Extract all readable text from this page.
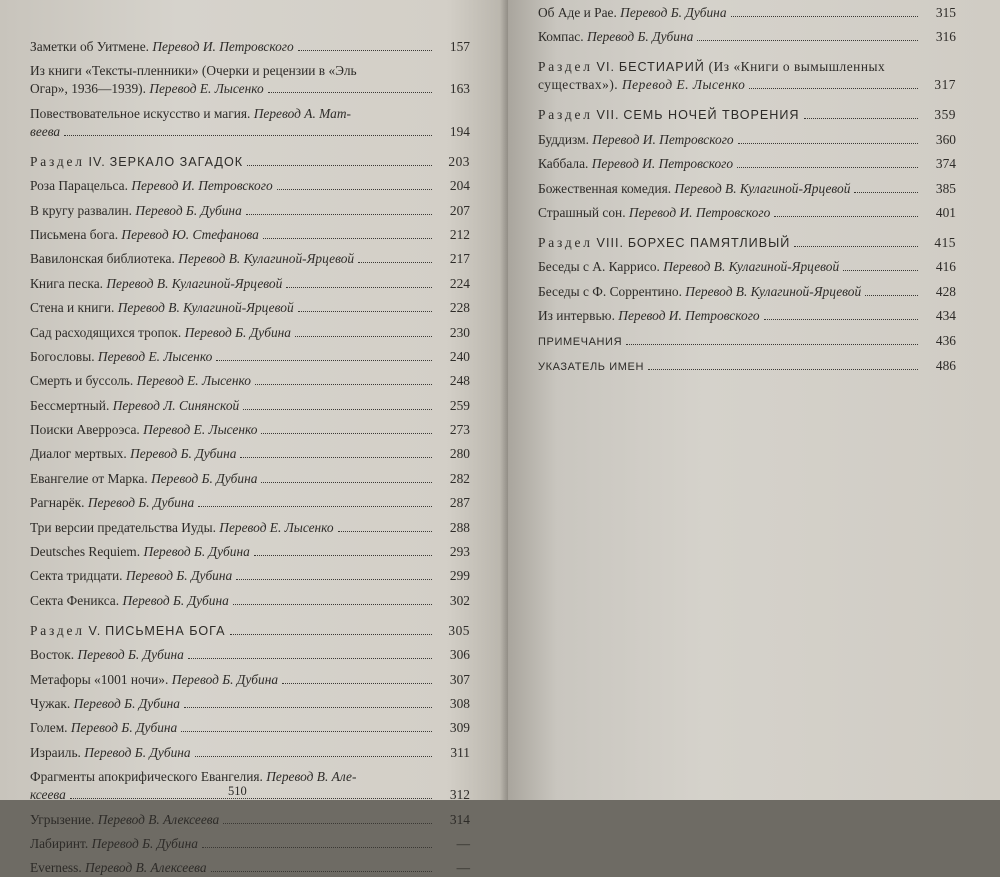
Заметки об Уитмене. Перевод И. Петровского	157
Из книги «Тексты-пленники» (Очерки и рецензии в «Эль
Огар», 1936—1939). Перевод Е. Лысенко	163
Повествовательное искусство и магия. Перевод А. Мат-
веева	194
Раздел IV. ЗЕРКАЛО ЗАГАДОК	203
Роза Парацельса. Перевод И. Петровского	204
В кругу развалин. Перевод Б. Дубина	207
Письмена бога. Перевод Ю. Стефанова	212
Вавилонская библиотека. Перевод В. Кулагиной-Ярцевой	217
Книга песка. Перевод В. Кулагиной-Ярцевой	224
Стена и книги. Перевод В. Кулагиной-Ярцевой	228
Сад расходящихся тропок. Перевод Б. Дубина	230
Богословы. Перевод Е. Лысенко	240
Смерть и буссоль. Перевод Е. Лысенко	248
Бессмертный. Перевод Л. Синянской	259
Поиски Аверроэса. Перевод Е. Лысенко	273
Диалог мертвых. Перевод Б. Дубина	280
Евангелие от Марка. Перевод Б. Дубина	282
Рагнарёк. Перевод Б. Дубина	287
Три версии предательства Иуды. Перевод Е. Лысенко	288
Deutsches Requiem. Перевод Б. Дубина	293
Секта тридцати. Перевод Б. Дубина	299
Секта Феникса. Перевод Б. Дубина	302
Раздел V. ПИСЬМЕНА БОГА	305
Восток. Перевод Б. Дубина	306
Метафоры «1001 ночи». Перевод Б. Дубина	307
Чужак. Перевод Б. Дубина	308
Голем. Перевод Б. Дубина	309
Израиль. Перевод Б. Дубина	311
Фрагменты апокрифического Евангелия. Перевод В. Але-
ксеева	312
Угрызение. Перевод В. Алексеева	314
Лабиринт. Перевод Б. Дубина	—
Everness. Перевод В. Алексеева	—
Об Аде и Рае. Перевод Б. Дубина	315
Компас. Перевод Б. Дубина	316
Раздел VI. БЕСТИАРИЙ (Из «Книги о вымышленных
существах»). Перевод Е. Лысенко	317
Раздел VII. СЕМЬ НОЧЕЙ ТВОРЕНИЯ	359
Буддизм. Перевод И. Петровского	360
Каббала. Перевод И. Петровского	374
Божественная комедия. Перевод В. Кулагиной-Ярцевой	385
Страшный сон. Перевод И. Петровского	401
Раздел VIII. БОРХЕС ПАМЯТЛИВЫЙ	415
Беседы с А. Каррисо. Перевод В. Кулагиной-Ярцевой	416
Беседы с Ф. Соррентино. Перевод В. Кулагиной-Ярцевой	428
Из интервью. Перевод И. Петровского	434
ПРИМЕЧАНИЯ	436
УКАЗАТЕЛЬ ИМЕН	486
510
